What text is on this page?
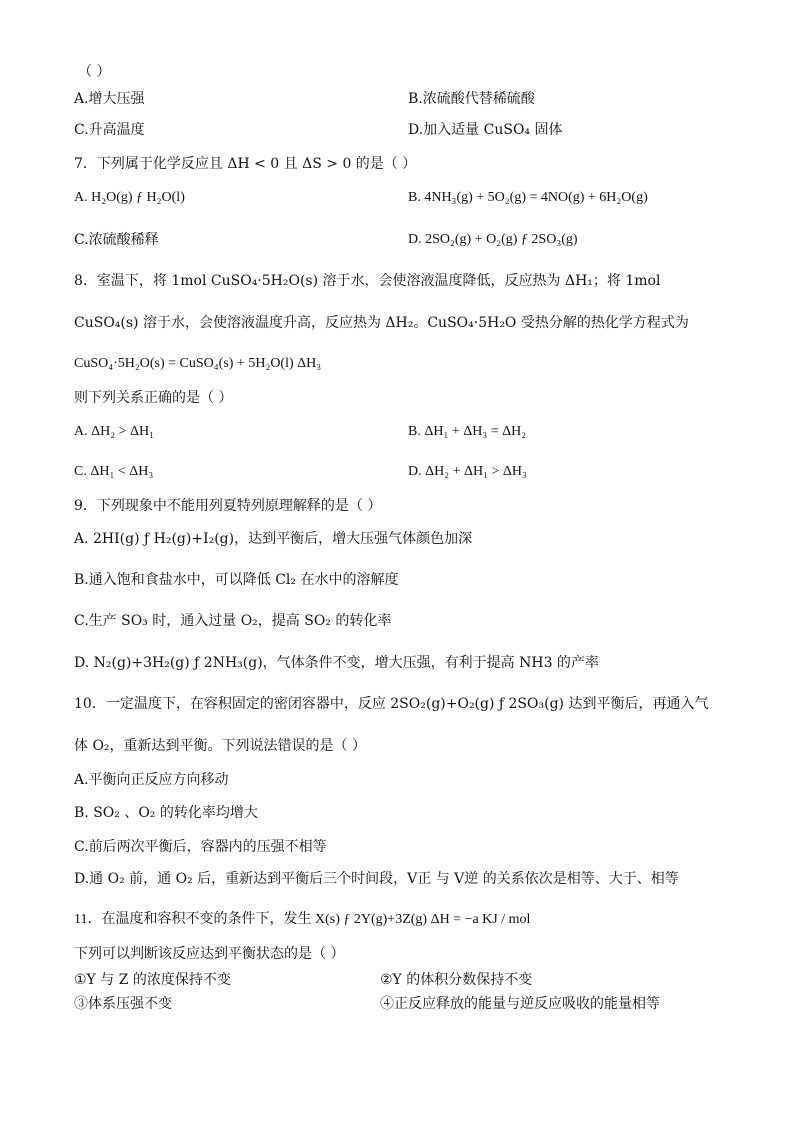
（ ）
A.增大压强	B.浓硫酸代替稀硫酸
C.升高温度	D.加入适量 CuSO₄ 固体
7．下列属于化学反应且 ΔH < 0 且 ΔS > 0 的是（ ）
A. H₂O(g) ƒ H₂O(l)	B. 4NH₃(g) + 5O₂(g) = 4NO(g) + 6H₂O(g)
C.浓硫酸稀释	D. 2SO₂(g) + O₂(g) ƒ 2SO₃(g)
8．室温下，将 1mol CuSO₄·5H₂O(s) 溶于水，会使溶液温度降低，反应热为 ΔH₁；将 1mol
CuSO₄(s) 溶于水，会使溶液温度升高，反应热为 ΔH₂。CuSO₄·5H₂O 受热分解的热化学方程式为
CuSO₄·5H₂O(s) = CuSO₄(s) + 5H₂O(l) ΔH₃
则下列关系正确的是（ ）
A. ΔH₂ > ΔH₁	B. ΔH₁ + ΔH₃ = ΔH₂
C. ΔH₁ < ΔH₃	D. ΔH₂ + ΔH₁ > ΔH₃
9．下列现象中不能用列夏特列原理解释的是（ ）
A. 2HI(g) ƒ H₂(g)+I₂(g)，达到平衡后，增大压强气体颜色加深
B.通入饱和食盐水中，可以降低 Cl₂ 在水中的溶解度
C.生产 SO₃ 时，通入过量 O₂，提高 SO₂ 的转化率
D. N₂(g)+3H₂(g) ƒ 2NH₃(g)，气体条件不变，增大压强，有利于提高 NH3 的产率
10．一定温度下，在容积固定的密闭容器中，反应 2SO₂(g)+O₂(g) ƒ 2SO₃(g) 达到平衡后，再通入气
体 O₂，重新达到平衡。下列说法错误的是（ ）
A.平衡向正反应方向移动
B. SO₂ 、O₂ 的转化率均增大
C.前后两次平衡后，容器内的压强不相等
D.通 O₂ 前，通 O₂ 后，重新达到平衡后三个时间段，V正 与 V逆 的关系依次是相等、大于、相等
11．在温度和容积不变的条件下，发生 X(s) ƒ 2Y(g)+3Z(g) ΔH = −a KJ / mol
下列可以判断该反应达到平衡状态的是（ ）
①Y 与 Z 的浓度保持不变	②Y 的体积分数保持不变
③体系压强不变	④正反应释放的能量与逆反应吸收的能量相等
